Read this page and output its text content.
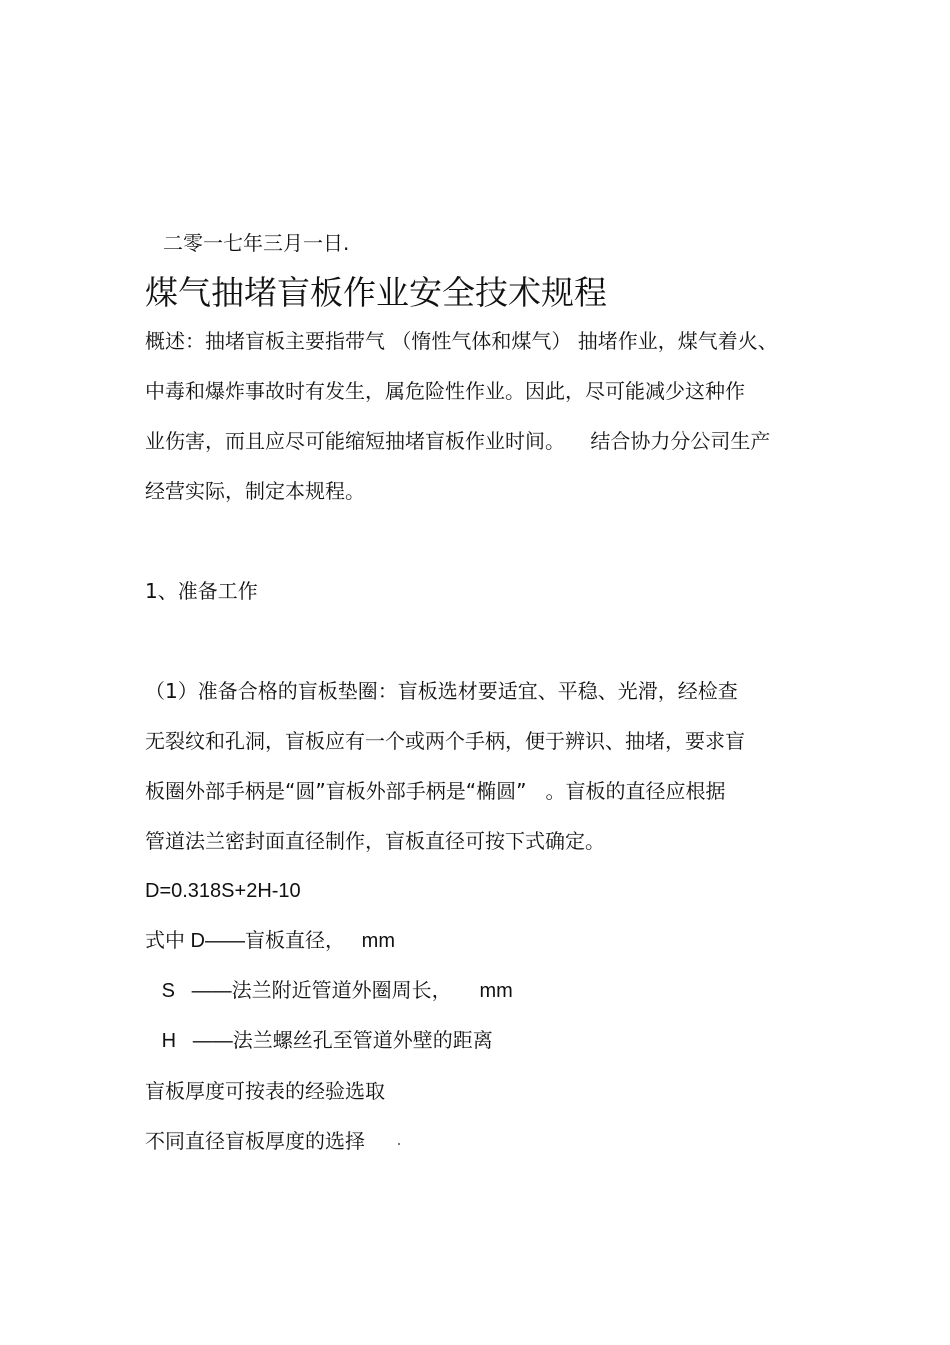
二零一七年三月一日.
煤气抽堵盲板作业安全技术规程
概述：抽堵盲板主要指带气 （惰性气体和煤气） 抽堵作业，煤气着火、
中毒和爆炸事故时有发生，属危险性作业。因此，尽可能减少这种作
业伤害，而且应尽可能缩短抽堵盲板作业时间。    结合协力分公司生产
经营实际，制定本规程。
1、准备工作
（1）准备合格的盲板垫圈：盲板选材要适宜、平稳、光滑，经检查
无裂纹和孔洞，盲板应有一个或两个手柄，便于辨识、抽堵，要求盲
板圈外部手柄是“圆”盲板外部手柄是“椭圆”   。盲板的直径应根据
管道法兰密封面直径制作，盲板直径可按下式确定。
D=0.318S+2H-10
式中 D——盲板直径，   mm
S   ——法兰附近管道外圈周长，     mm
H   ——法兰螺丝孔至管道外壁的距离
盲板厚度可按表的经验选取
不同直径盲板厚度的选择
